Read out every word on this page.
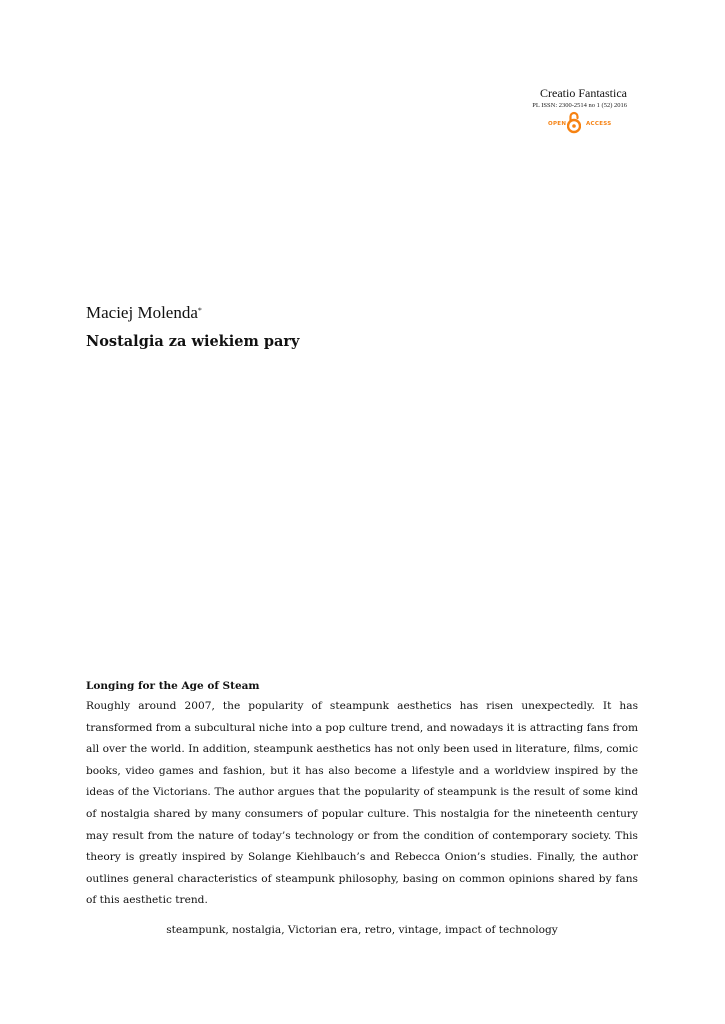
Creatio Fantastica
PL ISSN: 2300-2514 no 1 (52) 2016
OPEN	ACCESS
Maciej Molenda*
Nostalgia za wiekiem pary
Longing for the Age of Steam
Roughly around 2007, the popularity of steampunk aesthetics has risen unexpectedly. It has transformed from a subcultural niche into a pop culture trend, and nowadays it is attracting fans from all over the world. In addition, steampunk aesthetics has not only been used in literature, films, comic books, video games and fashion, but it has also become a lifestyle and a worldview inspired by the ideas of the Victorians. The author argues that the popularity of steampunk is the result of some kind of nostalgia shared by many consumers of popular culture. This nostalgia for the nineteenth century may result from the nature of today’s technology or from the condition of contemporary society. This theory is greatly inspired by Solange Kiehlbauch’s and Rebecca Onion’s studies. Finally, the author outlines general characteristics of steampunk philosophy, basing on common opinions shared by fans of this aesthetic trend.
steampunk, nostalgia, Victorian era, retro, vintage, impact of technology
